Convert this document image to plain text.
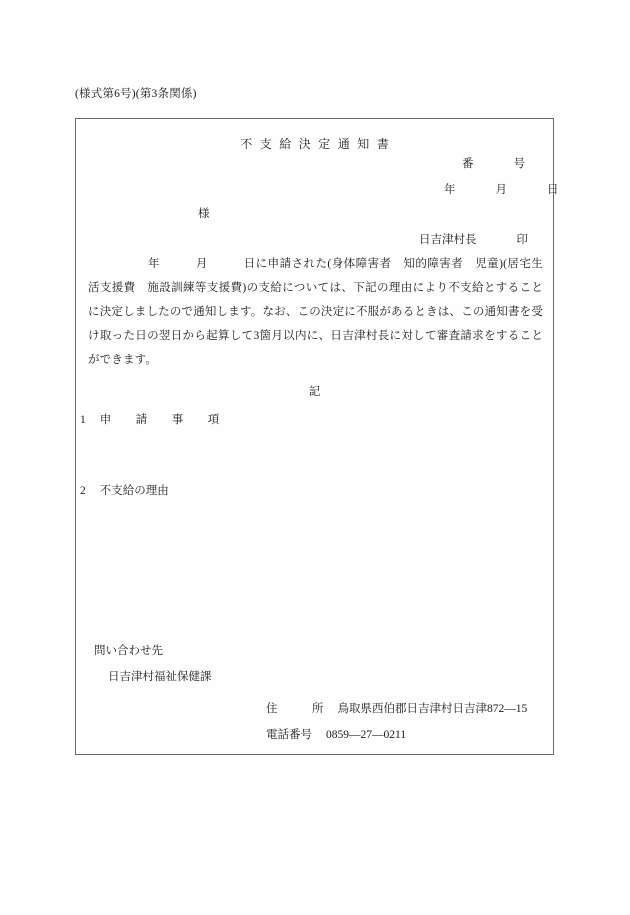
(様式第6号)(第3条関係)
不支給決定通知書
番	号
年	月	日
様
日吉津村長	印
年　　　月　　　日に申請された(身体障害者　知的障害者　児童)(居宅生活支援費　施設訓練等支援費)の支給については、下記の理由により不支給とすることに決定しましたので通知します。なお、この決定に不服があるときは、この通知書を受け取った日の翌日から起算して3箇月以内に、日吉津村長に対して審査請求をすることができます。
記
1 申　請　事　項
2 不支給の理由
問い合わせ先
日吉津村福祉保健課
住　　　所 鳥取県西伯郡日吉津村日吉津872―15
電話番号 0859―27―0211
